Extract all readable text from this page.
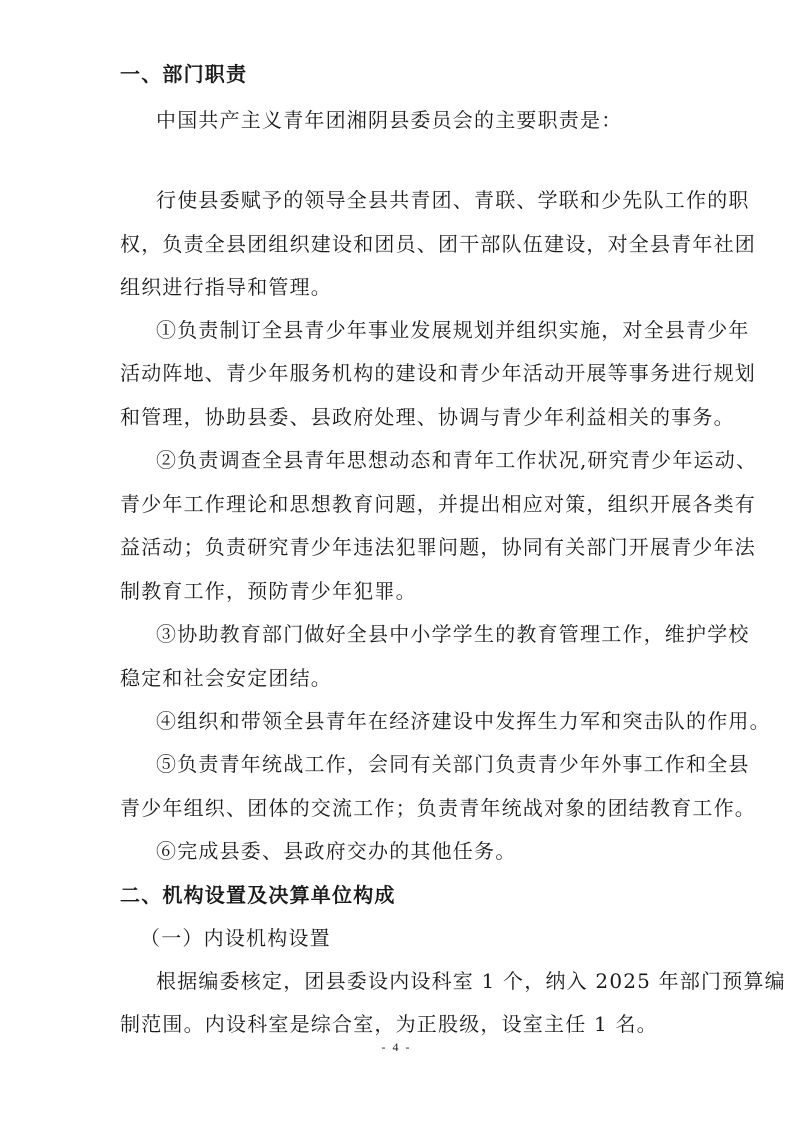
一、部门职责
中国共产主义青年团湘阴县委员会的主要职责是：
行使县委赋予的领导全县共青团、青联、学联和少先队工作的职
权，负责全县团组织建设和团员、团干部队伍建设，对全县青年社团
组织进行指导和管理。
①负责制订全县青少年事业发展规划并组织实施，对全县青少年
活动阵地、青少年服务机构的建设和青少年活动开展等事务进行规划
和管理，协助县委、县政府处理、协调与青少年利益相关的事务。
②负责调查全县青年思想动态和青年工作状况,研究青少年运动、
青少年工作理论和思想教育问题，并提出相应对策，组织开展各类有
益活动；负责研究青少年违法犯罪问题，协同有关部门开展青少年法
制教育工作，预防青少年犯罪。
③协助教育部门做好全县中小学学生的教育管理工作，维护学校
稳定和社会安定团结。
④组织和带领全县青年在经济建设中发挥生力军和突击队的作用。
⑤负责青年统战工作，会同有关部门负责青少年外事工作和全县
青少年组织、团体的交流工作；负责青年统战对象的团结教育工作。
⑥完成县委、县政府交办的其他任务。
二、机构设置及决算单位构成
（一）内设机构设置
根据编委核定，团县委设内设科室 1 个，纳入 2025 年部门预算编
制范围。内设科室是综合室，为正股级，设室主任 1 名。
- 4 -
